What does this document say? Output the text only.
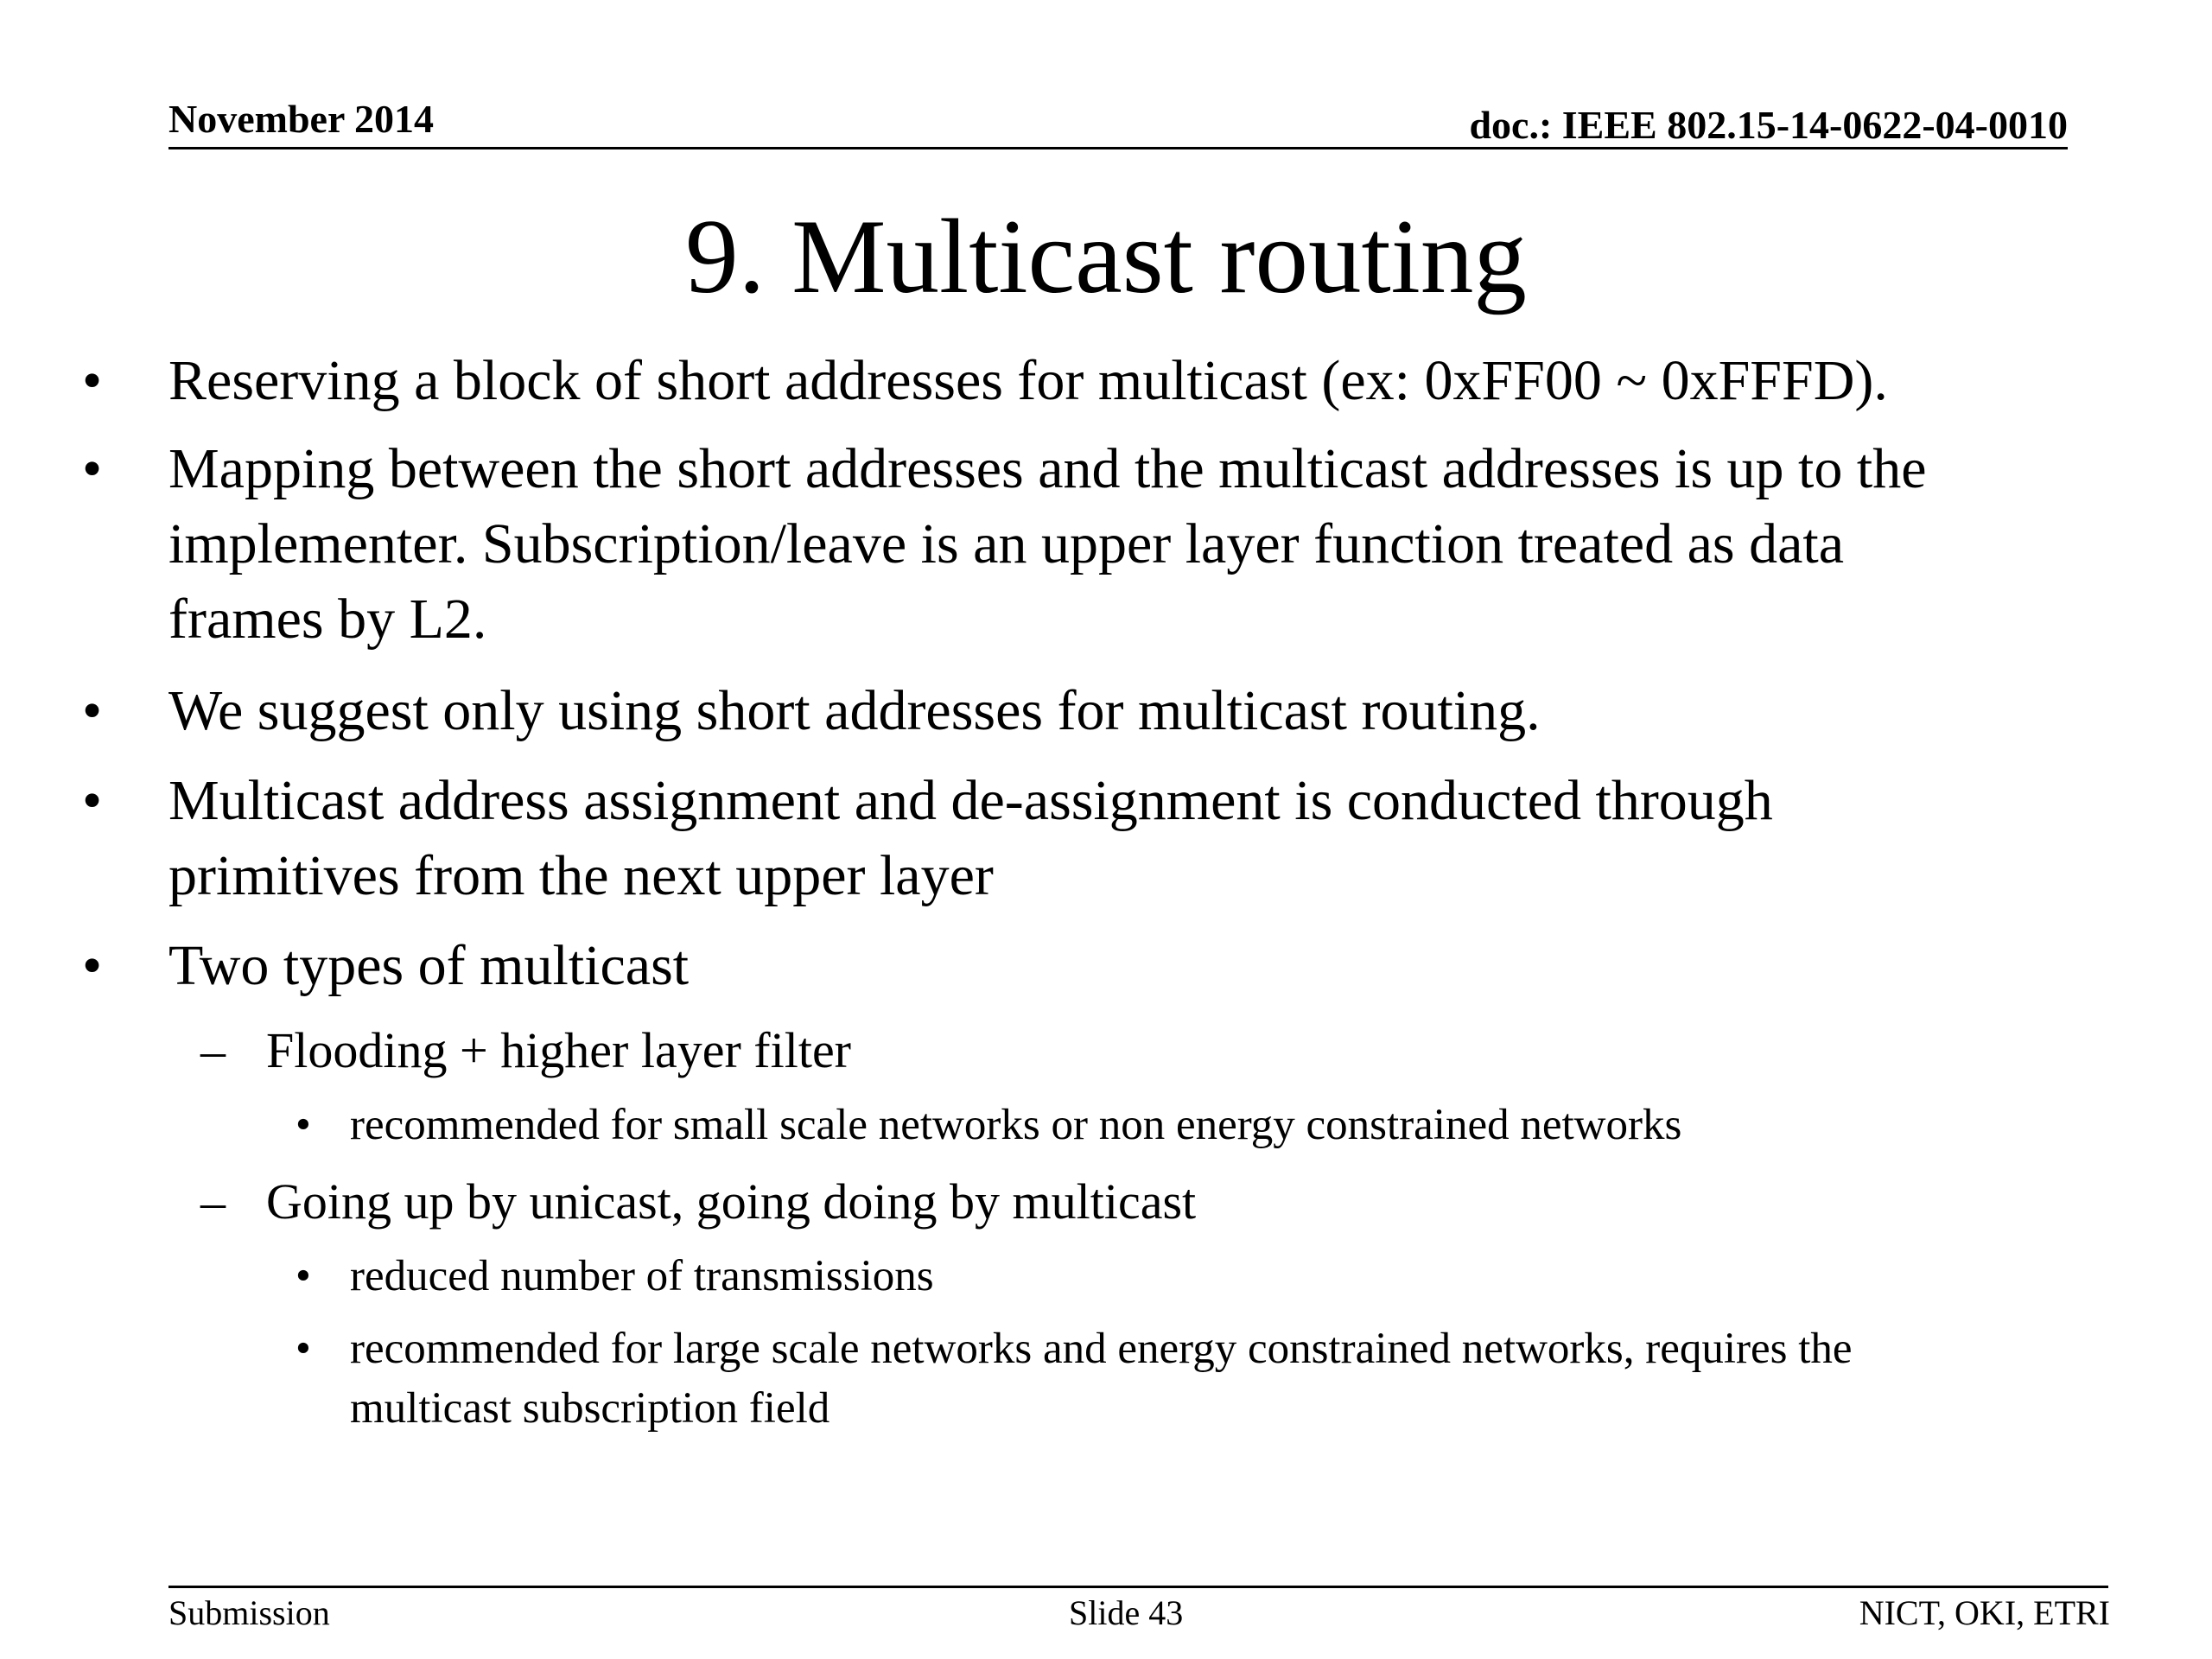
November 2014	doc.: IEEE 802.15-14-0622-04-0010
9. Multicast routing
• Reserving a block of short addresses for multicast (ex: 0xFF00 ~ 0xFFFD).
• Mapping between the short addresses and the multicast addresses is up to the
implementer. Subscription/leave is an upper layer function treated as data
frames by L2.
• We suggest only using short addresses for multicast routing.
• Multicast address assignment and de-assignment is conducted through
primitives from the next upper layer
• Two types of multicast
– Flooding + higher layer filter
• recommended for small scale networks or non energy constrained networks
– Going up by unicast, going doing by multicast
• reduced number of transmissions
• recommended for large scale networks and energy constrained networks, requires the
multicast subscription field
Submission	Slide 43	NICT, OKI, ETRI
